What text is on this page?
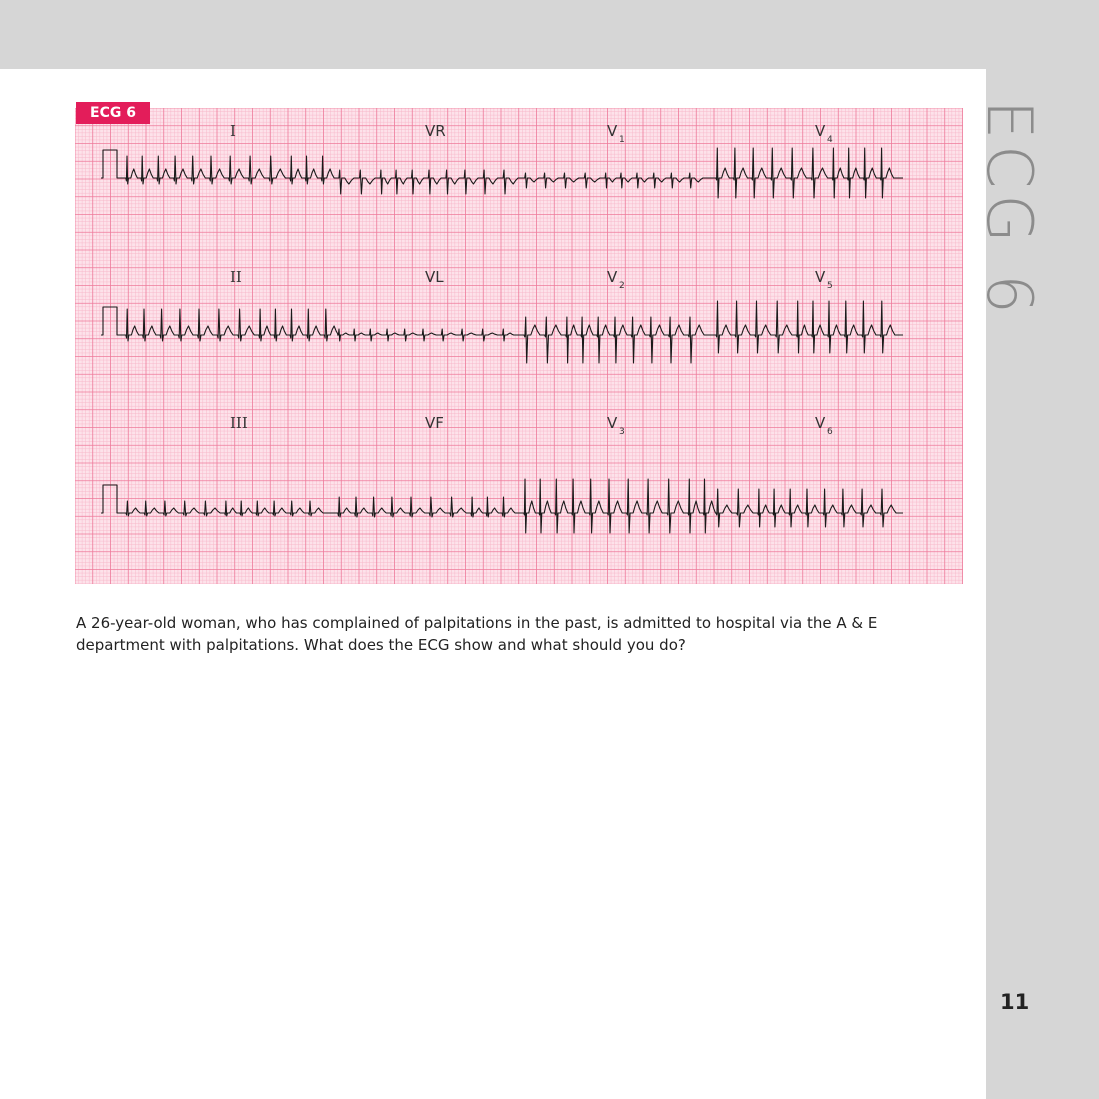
ECG 6
ECG 6
I	VR	V 1	V 4
II	VL	V 2	V 5
III	VF	V 3	V 6
A 26-year-old woman, who has complained of palpitations in the past, is admitted to hospital via the A & E department with palpitations. What does the ECG show and what should you do?
11
